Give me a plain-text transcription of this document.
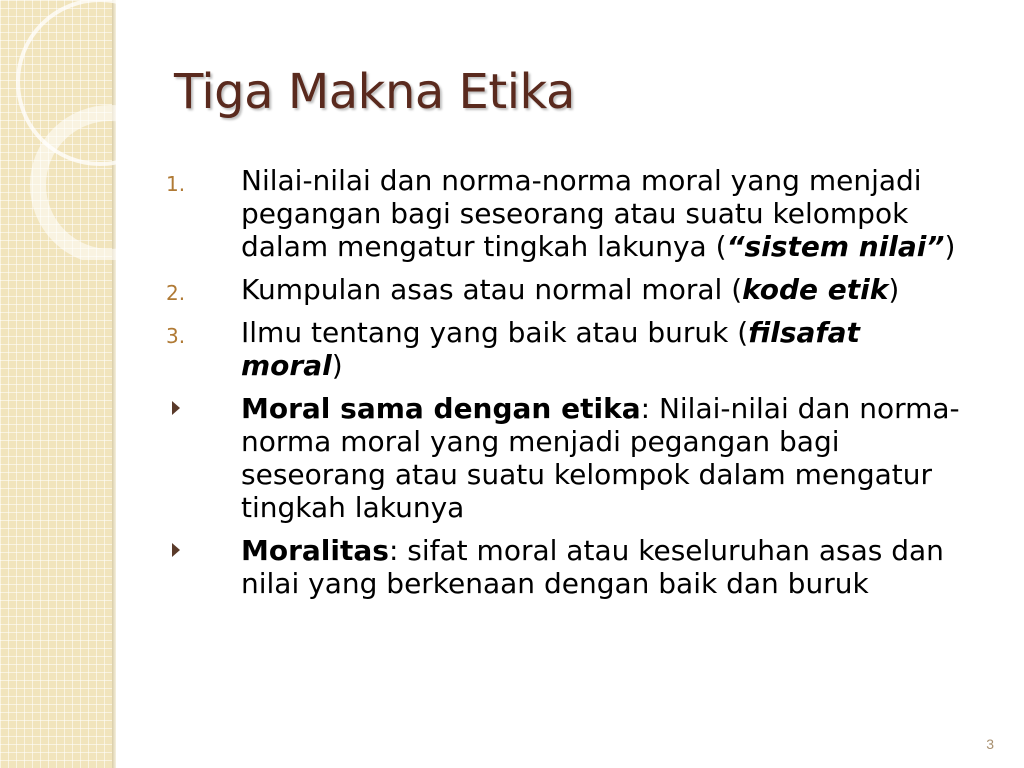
Tiga Makna Etika
1.	Nilai-nilai dan norma-norma moral yang menjadi pegangan bagi seseorang atau suatu kelompok dalam mengatur tingkah lakunya (“sistem nilai”)
2.	Kumpulan asas atau normal moral (kode etik)
3.	Ilmu tentang yang baik atau buruk (filsafat moral)
Moral sama dengan etika: Nilai-nilai dan norma-norma moral yang menjadi pegangan bagi seseorang atau suatu kelompok dalam mengatur tingkah lakunya
Moralitas: sifat moral atau keseluruhan asas dan nilai yang berkenaan dengan baik dan buruk
3
